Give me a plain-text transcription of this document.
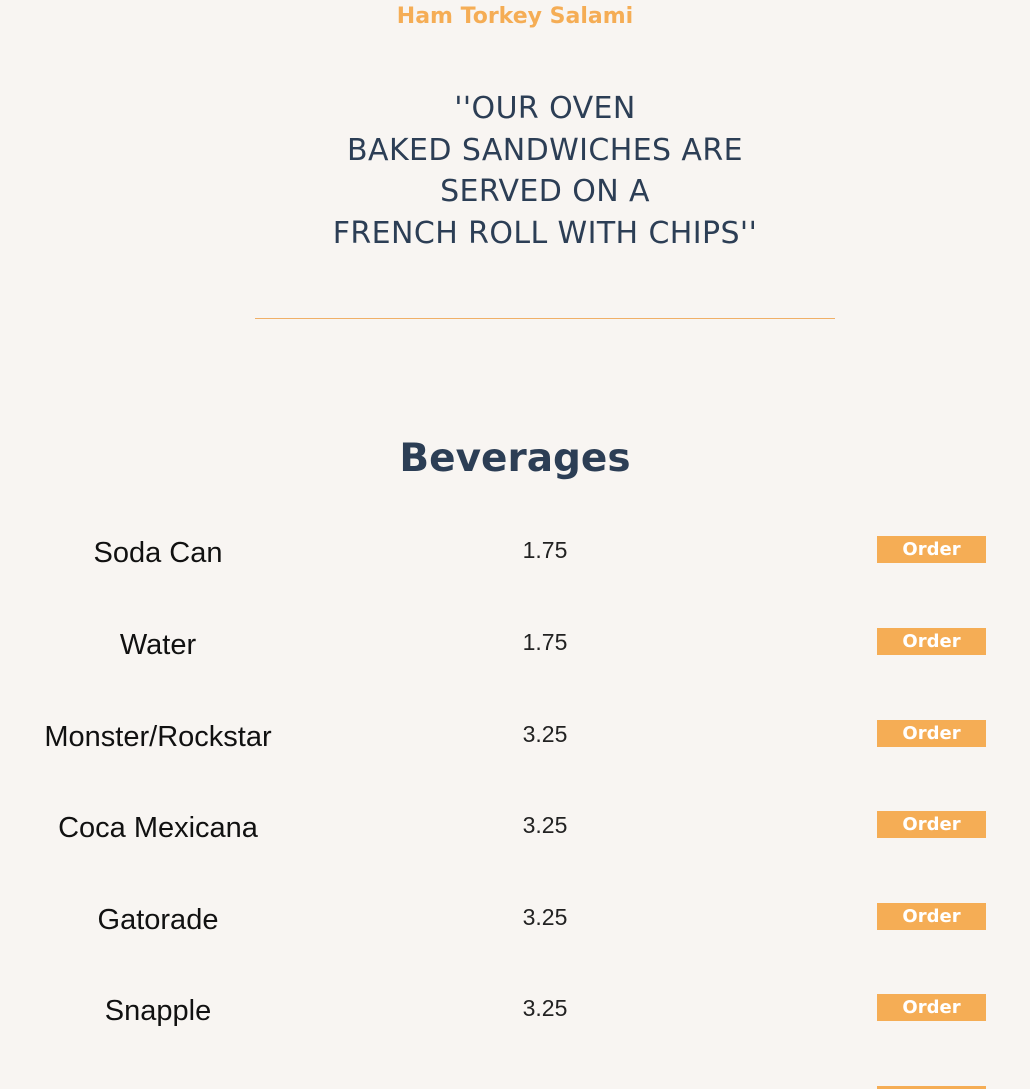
Ham Torkey Salami
''OUR OVEN
BAKED SANDWICHES ARE
SERVED ON A
FRENCH ROLL WITH CHIPS''
Beverages
Soda Can	1.75	Order
Water	1.75	Order
Monster/Rockstar	3.25	Order
Coca Mexicana	3.25	Order
Gatorade	3.25	Order
Snapple	3.25	Order
